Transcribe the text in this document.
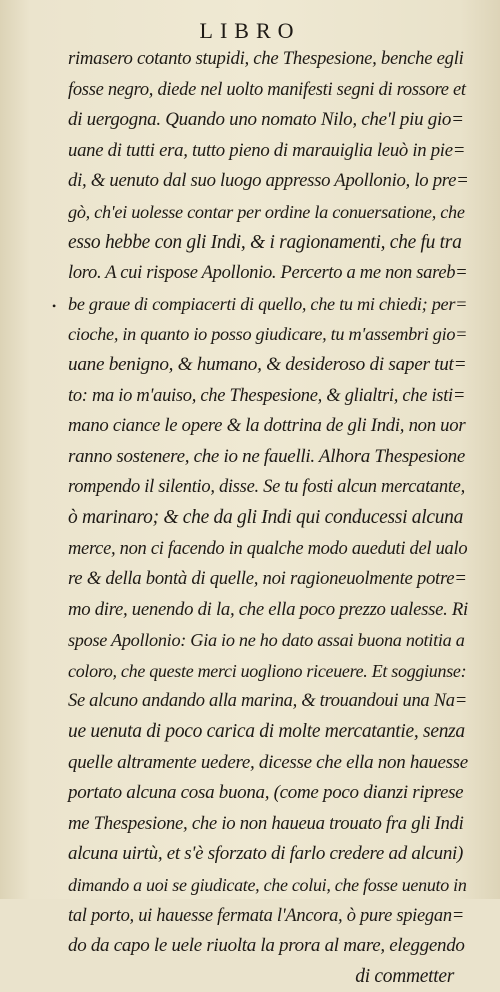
LIBRO
•
rimasero cotanto stupidi, che Thespesione, benche egli
fosse negro, diede nel uolto manifesti segni di rossore et
di uergogna. Quando uno nomato Nilo, che'l piu gio=
uane di tutti era, tutto pieno di marauiglia leuò in pie=
di, & uenuto dal suo luogo appresso Apollonio, lo pre=
gò, ch'ei uolesse contar per ordine la conuersatione, che
esso hebbe con gli Indi, & i ragionamenti, che fu tra
loro. A cui rispose Apollonio. Percerto a me non sareb=
be graue di compiacerti di quello, che tu mi chiedi; per=
cioche, in quanto io posso giudicare, tu m'assembri gio=
uane benigno, & humano, & desideroso di saper tut=
to: ma io m'auiso, che Thespesione, & glialtri, che isti=
mano ciance le opere & la dottrina de gli Indi, non uor
ranno sostenere, che io ne fauelli. Alhora Thespesione
rompendo il silentio, disse. Se tu fosti alcun mercatante,
ò marinaro; & che da gli Indi qui conducessi alcuna
merce, non ci facendo in qualche modo aueduti del ualo
re & della bontà di quelle, noi ragioneuolmente potre=
mo dire, uenendo di la, che ella poco prezzo ualesse. Ri
spose Apollonio: Gia io ne ho dato assai buona notitia a
coloro, che queste merci uogliono riceuere. Et soggiunse:
Se alcuno andando alla marina, & trouandoui una Na=
ue uenuta di poco carica di molte mercatantie, senza
quelle altramente uedere, dicesse che ella non hauesse
portato alcuna cosa buona, (come poco dianzi riprese
me Thespesione, che io non haueua trouato fra gli Indi
alcuna uirtù, et s'è sforzato di farlo credere ad alcuni)
dimando a uoi se giudicate, che colui, che fosse uenuto in
tal porto, ui hauesse fermata l'Ancora, ò pure spiegan=
do da capo le uele riuolta la prora al mare, eleggendo
di commetter
